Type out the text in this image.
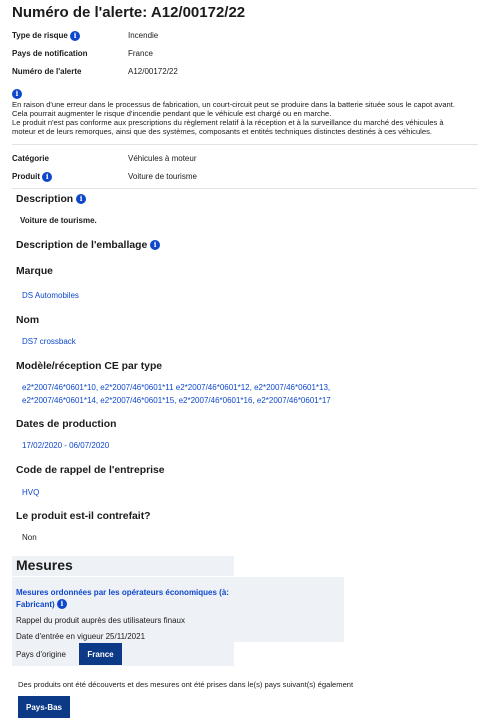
Numéro de l'alerte: A12/00172/22
Type de risque i	Incendie
Pays de notification	France
Numéro de l'alerte	A12/00172/22
i

En raison d'une erreur dans le processus de fabrication, un court-circuit peut se produire dans la batterie située sous le capot avant.

Cela pourrait augmenter le risque d'incendie pendant que le véhicule est chargé ou en marche.

Le produit n'est pas conforme aux prescriptions du règlement relatif à la réception et à la surveillance du marché des véhicules à

moteur et de leurs remorques, ainsi que des systèmes, composants et entités techniques distinctes destinés à ces véhicules.

Catégorie	Véhicules à moteur
Produit i	Voiture de tourisme
Description i
Voiture de tourisme.
Description de l'emballage i
Marque
DS Automobiles
Nom
DS7 crossback
Modèle/réception CE par type
e2*2007/46*0601*10, e2*2007/46*0601*11 e2*2007/46*0601*12, e2*2007/46*0601*13,
e2*2007/46*0601*14, e2*2007/46*0601*15, e2*2007/46*0601*16, e2*2007/46*0601*17
Dates de production
17/02/2020 - 06/07/2020
Code de rappel de l'entreprise
HVQ
Le produit est-il contrefait?
Non
Mesures
Mesures ordonnées par les opérateurs économiques (à: Fabricant) i
Rappel du produit auprès des utilisateurs finaux
Date d'entrée en vigueur 25/11/2021
Pays d'origine	France
Des produits ont été découverts et des mesures ont été prises dans le(s) pays suivant(s) également
Pays-Bas
